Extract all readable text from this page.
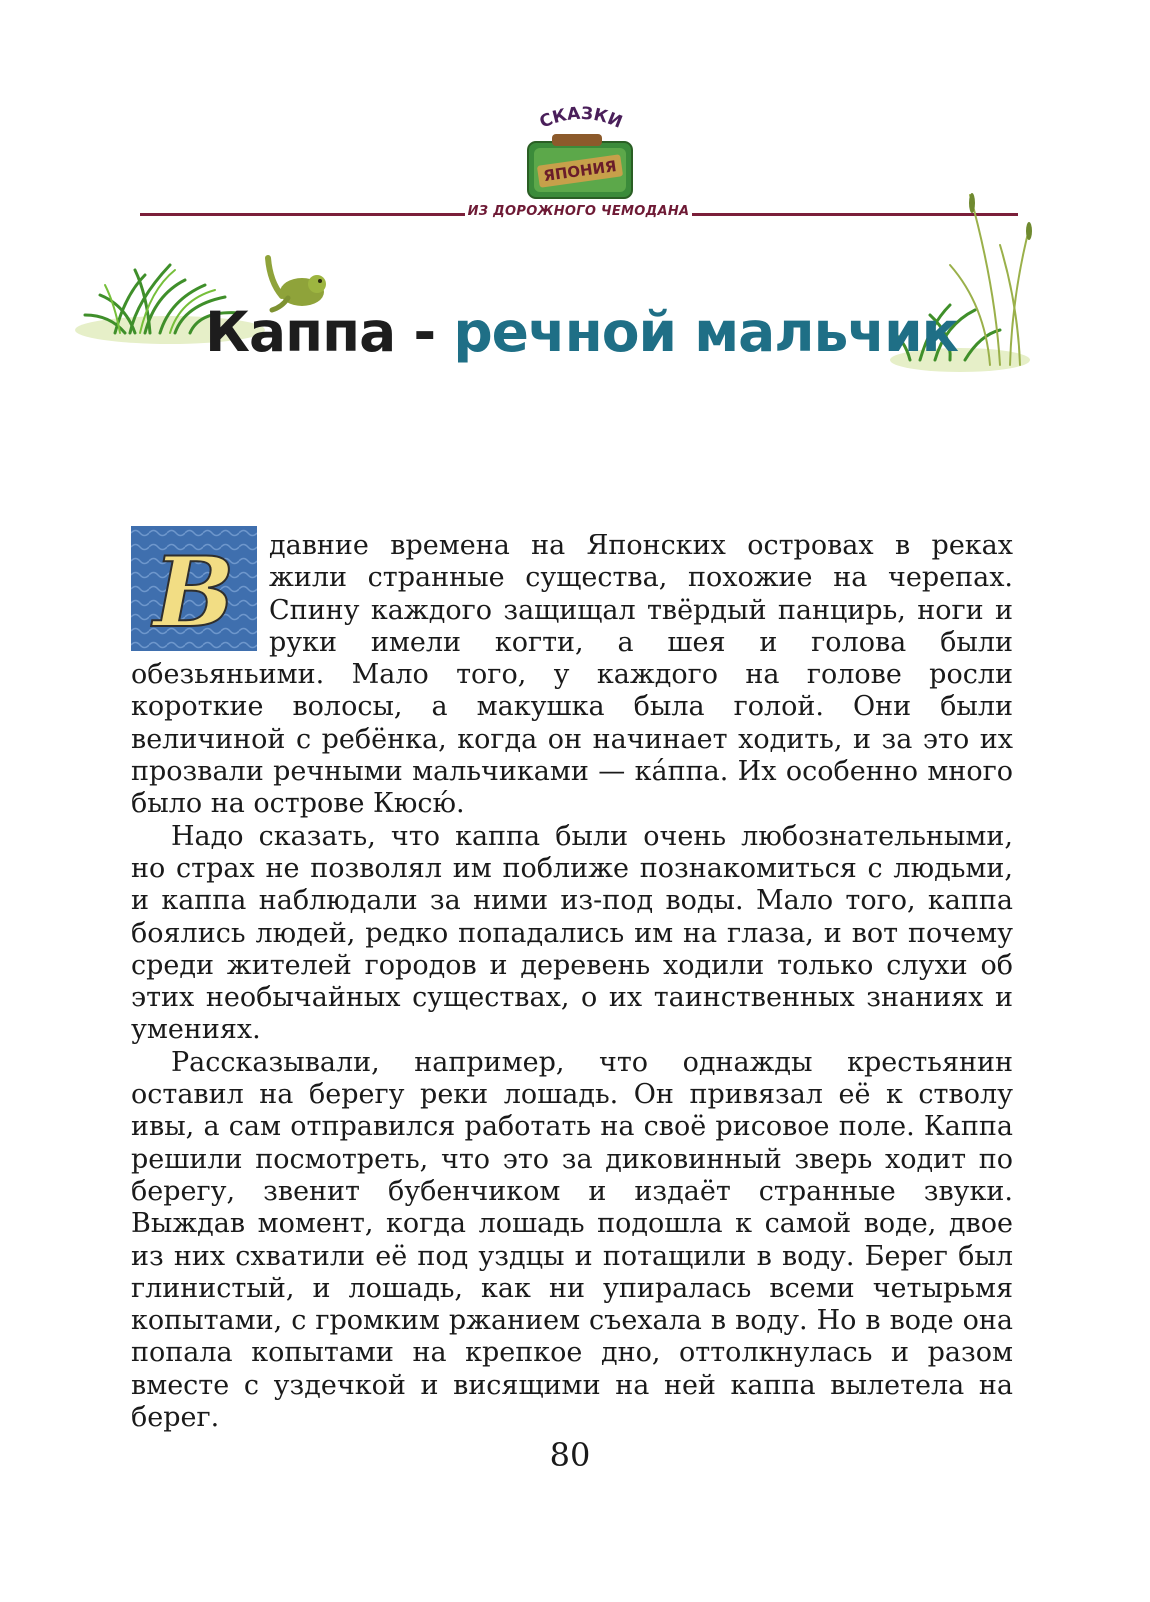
СКАЗКИ
ЯПОНИЯ
ИЗ ДОРОЖНОГО ЧЕМОДАНА
Каппа - речной мальчик
В	давние времена на Японских островах в реках жили странные существа, похожие на черепах. Спину каждого защищал твёрдый панцирь, ноги и руки имели когти, а шея и голова были обезьяньими. Мало того, у каждого на голове росли короткие волосы, а макушка была голой. Они были величиной с ребёнка, когда он начинает ходить, и за это их прозвали речными мальчиками — ка́ппа. Их особенно много было на острове Кюсю́.

Надо сказать, что каппа были очень любознательными, но страх не позволял им поближе познакомиться с людьми, и каппа наблюдали за ними из-под воды. Мало того, каппа боялись людей, редко попадались им на глаза, и вот почему среди жителей городов и деревень ходили только слухи об этих необычайных существах, о их таинственных знаниях и умениях.

Рассказывали, например, что однажды крестьянин оставил на берегу реки лошадь. Он привязал её к стволу ивы, а сам отправился работать на своё рисовое поле. Каппа решили посмотреть, что это за диковинный зверь ходит по берегу, звенит бубенчиком и издаёт странные звуки. Выждав момент, когда лошадь подошла к самой воде, двое из них схватили её под уздцы и потащили в воду. Берег был глинистый, и лошадь, как ни упиралась всеми четырьмя копытами, с громким ржанием съехала в воду. Но в воде она попала копытами на крепкое дно, оттолкнулась и разом вместе с уздечкой и висящими на ней каппа вылетела на берег.

80
